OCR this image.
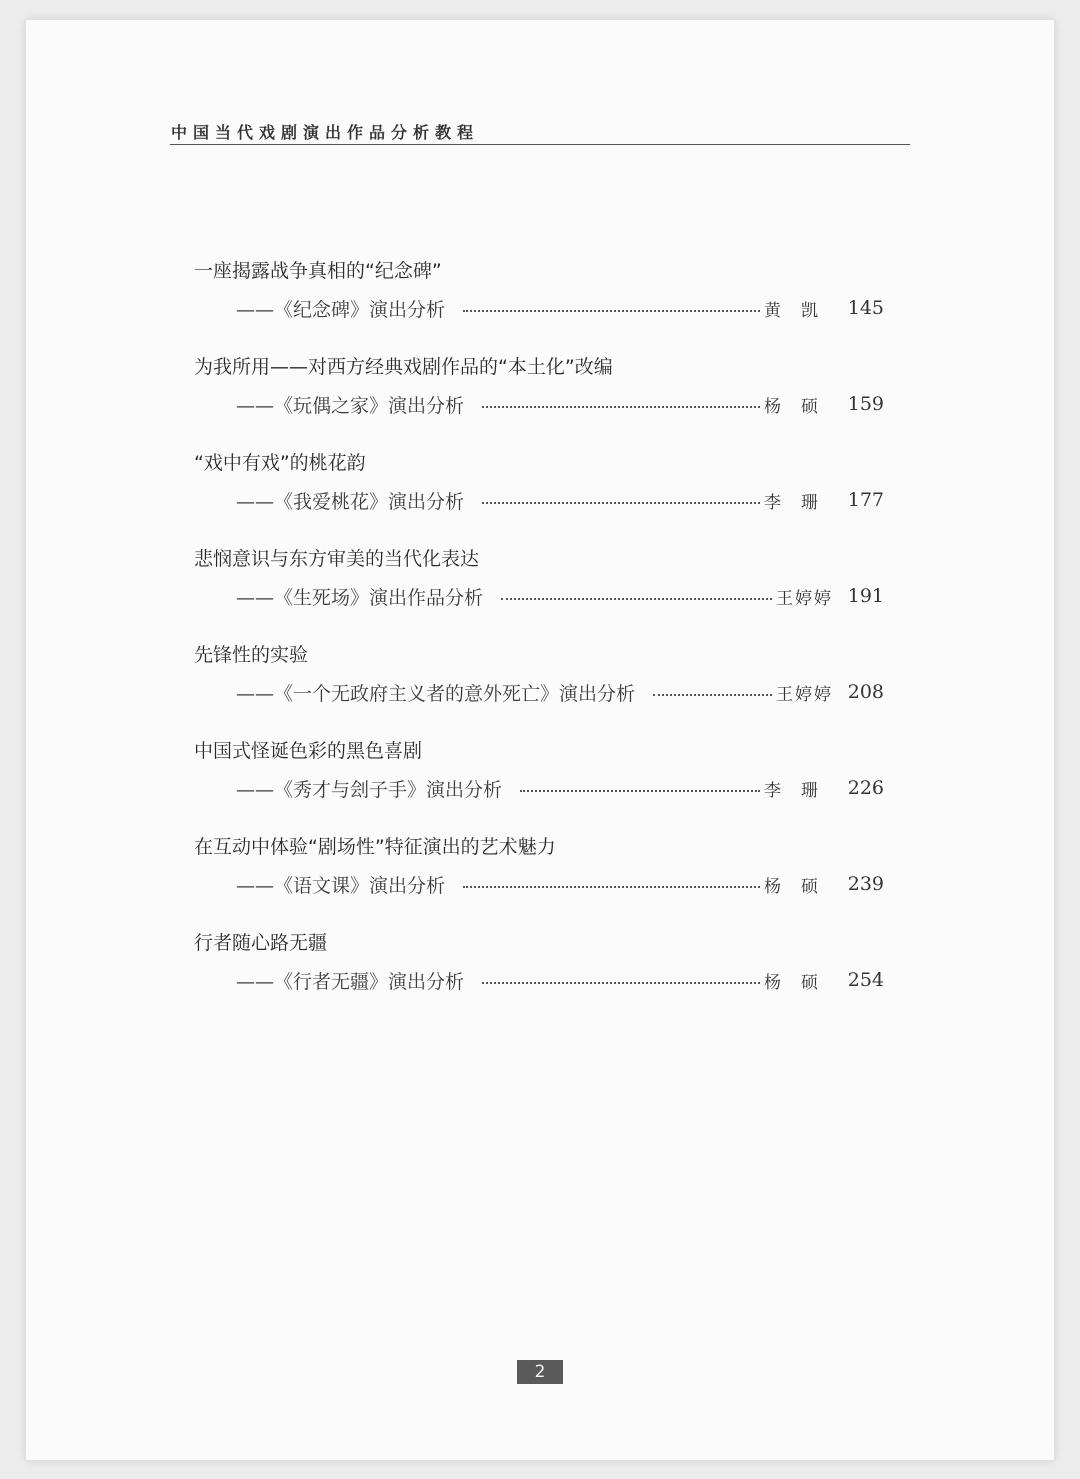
中国当代戏剧演出作品分析教程
一座揭露战争真相的“纪念碑”
——《纪念碑》演出分析	黄凯 145
为我所用——对西方经典戏剧作品的“本土化”改编
——《玩偶之家》演出分析	杨硕 159
“戏中有戏”的桃花韵
——《我爱桃花》演出分析	李珊 177
悲悯意识与东方审美的当代化表达
——《生死场》演出作品分析	王婷婷 191
先锋性的实验
——《一个无政府主义者的意外死亡》演出分析	王婷婷 208
中国式怪诞色彩的黑色喜剧
——《秀才与刽子手》演出分析	李珊 226
在互动中体验“剧场性”特征演出的艺术魅力
——《语文课》演出分析	杨硕 239
行者随心路无疆
——《行者无疆》演出分析	杨硕 254
2
